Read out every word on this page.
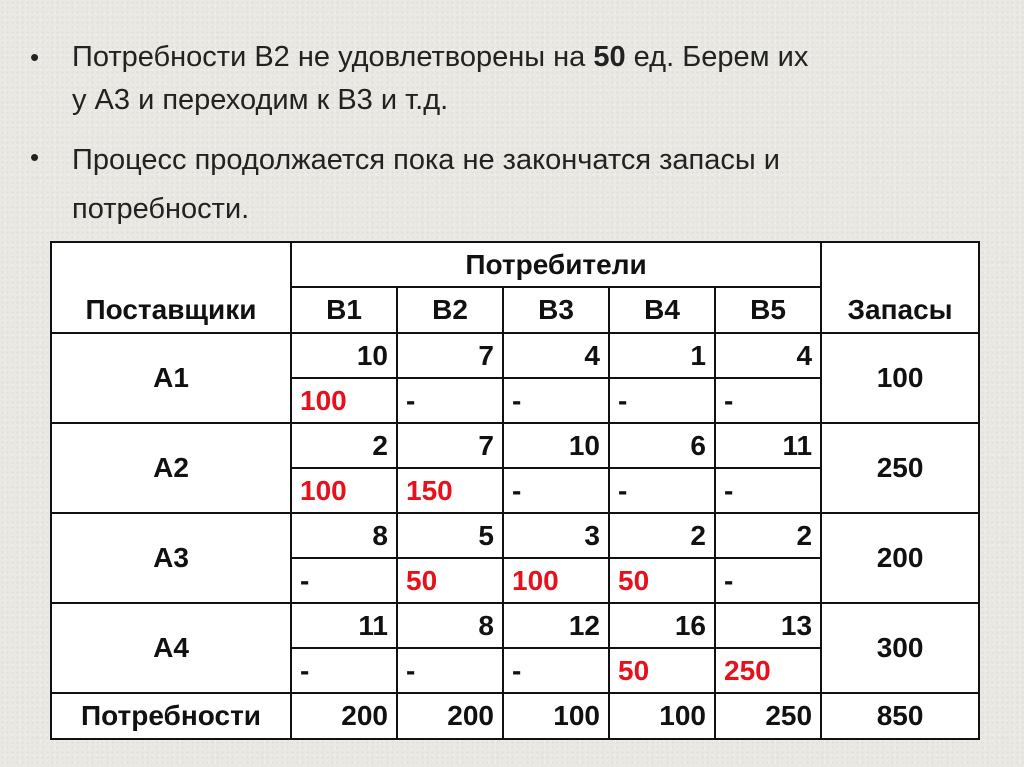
•	Потребности В2 не удовлетворены на 50 ед. Берем их
у А3 и переходим к В3 и т.д.
•	Процесс продолжается пока не закончатся запасы и
потребности.
Поставщики	Потребители					Запасы
	В1	В2	В3	В4	В5	
А1	10	7	4	1	4	100
	100	-	-	-	-	
А2	2	7	10	6	11	250
	100	150	-	-	-	
А3	8	5	3	2	2	200
	-	50	100	50	-	
А4	11	8	12	16	13	300
	-	-	-	50	250	
Потребности	200	200	100	100	250	850
